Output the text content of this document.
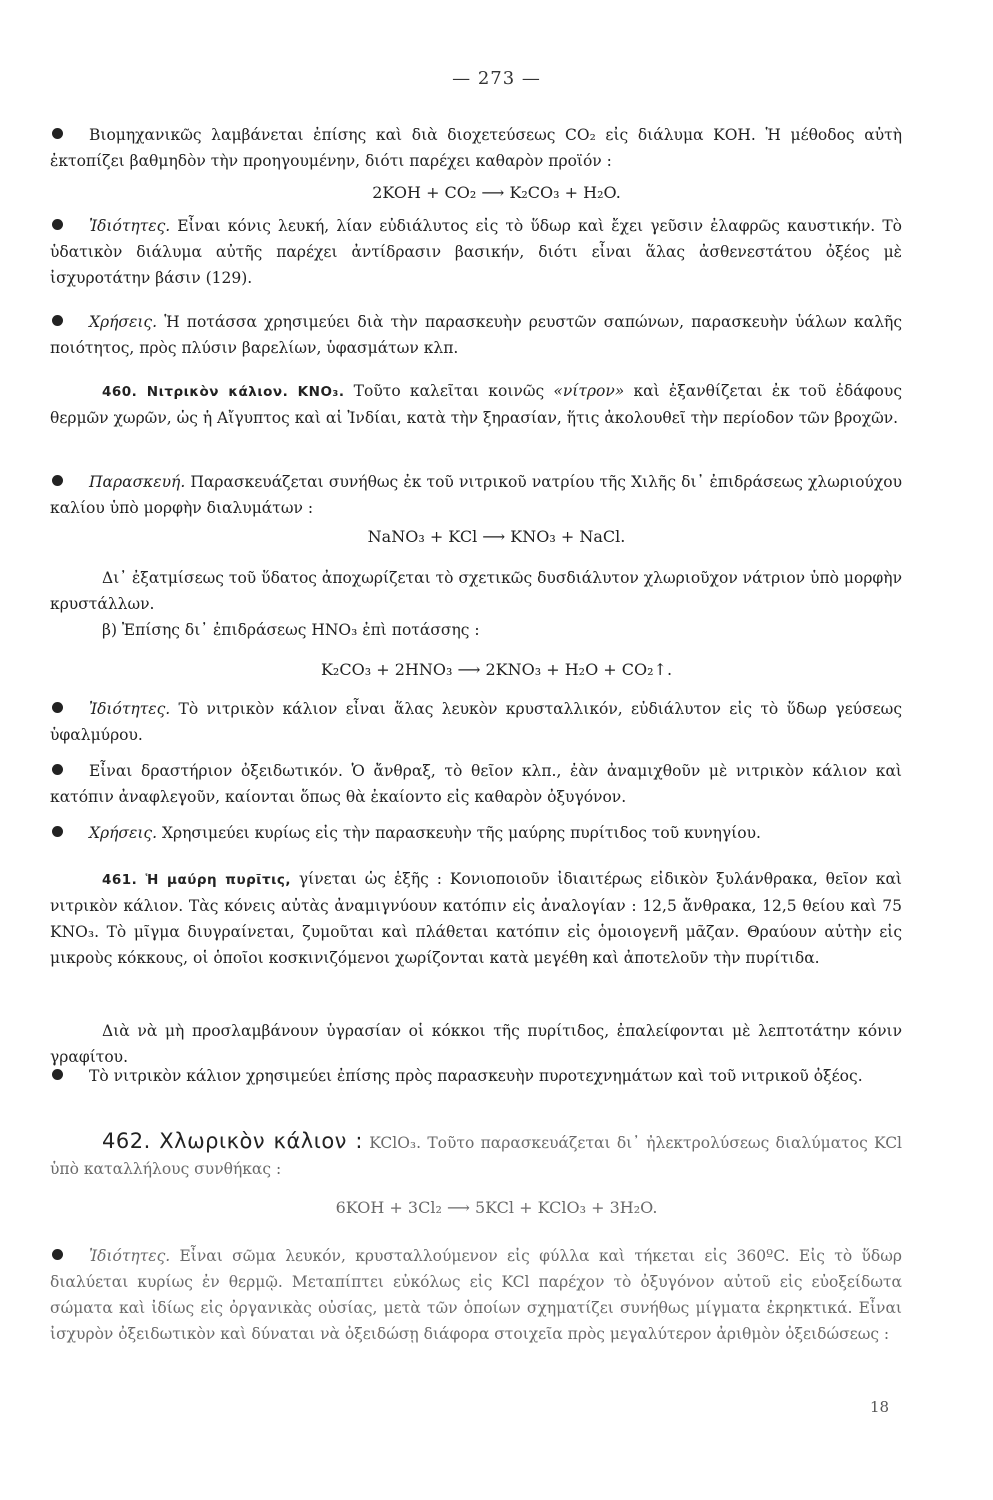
— 273 —
Βιομηχανικῶς λαμβάνεται ἐπίσης καὶ διὰ διοχετεύσεως CO₂ εἰς διάλυμα ΚΟΗ. Ἡ μέθοδος αὐτὴ ἐκτοπίζει βαθμηδὸν τὴν προηγουμένην, διότι παρέχει καθαρὸν προϊόν :
2KOH + CO₂ ⟶ K₂CO₃ + H₂O.
Ἰδιότητες. Εἶναι κόνις λευκή, λίαν εὐδιάλυτος εἰς τὸ ὕδωρ καὶ ἔχει γεῦσιν ἐλαφρῶς καυστικήν. Τὸ ὑδατικὸν διάλυμα αὐτῆς παρέχει ἀντίδρασιν βασικήν, διότι εἶναι ἅλας ἀσθενεστάτου ὀξέος μὲ ἰσχυροτάτην βάσιν (129).
Χρήσεις. Ἡ ποτάσσα χρησιμεύει διὰ τὴν παρασκευὴν ρευστῶν σαπώνων, παρασκευὴν ὑάλων καλῆς ποιότητος, πρὸς πλύσιν βαρελίων, ὑφασμάτων κλπ.
460. Νιτρικὸν κάλιον. ΚΝΟ₃. Τοῦτο καλεῖται κοινῶς «νίτρον» καὶ ἐξανθίζεται ἐκ τοῦ ἐδάφους θερμῶν χωρῶν, ὡς ἡ Αἴγυπτος καὶ αἱ Ἰνδίαι, κατὰ τὴν ξηρασίαν, ἥτις ἀκολουθεῖ τὴν περίοδον τῶν βροχῶν.
Παρασκευή. Παρασκευάζεται συνήθως ἐκ τοῦ νιτρικοῦ νατρίου τῆς Χιλῆς δι᾽ ἐπιδράσεως χλωριούχου καλίου ὑπὸ μορφὴν διαλυμάτων :
NaNO₃ + KCl ⟶ KNO₃ + NaCl.
Δι᾽ ἐξατμίσεως τοῦ ὕδατος ἀποχωρίζεται τὸ σχετικῶς δυσδιάλυτον χλωριοῦχον νάτριον ὑπὸ μορφὴν κρυστάλλων.
β) Ἐπίσης δι᾽ ἐπιδράσεως HNO₃ ἐπὶ ποτάσσης :
K₂CO₃ + 2HNO₃ ⟶ 2KNO₃ + H₂O + CO₂↑.
Ἰδιότητες. Τὸ νιτρικὸν κάλιον εἶναι ἅλας λευκὸν κρυσταλλικόν, εὐδιάλυτον εἰς τὸ ὕδωρ γεύσεως ὑφαλμύρου.
Εἶναι δραστήριον ὀξειδωτικόν. Ὁ ἄνθραξ, τὸ θεῖον κλπ., ἐὰν ἀναμιχθοῦν μὲ νιτρικὸν κάλιον καὶ κατόπιν ἀναφλεγοῦν, καίονται ὅπως θὰ ἐκαίοντο εἰς καθαρὸν ὀξυγόνον.
Χρήσεις. Χρησιμεύει κυρίως εἰς τὴν παρασκευὴν τῆς μαύρης πυρίτιδος τοῦ κυνηγίου.
461. Ἡ μαύρη πυρῖτις, γίνεται ὡς ἑξῆς : Κονιοποιοῦν ἰδιαιτέρως εἰδικὸν ξυλάνθρακα, θεῖον καὶ νιτρικὸν κάλιον. Τὰς κόνεις αὐτὰς ἀναμιγνύουν κατόπιν εἰς ἀναλογίαν : 12,5 ἄνθρακα, 12,5 θείου καὶ 75 KNO₃. Τὸ μῖγμα διυγραίνεται, ζυμοῦται καὶ πλάθεται κατόπιν εἰς ὁμοιογενῆ μᾶζαν. Θραύουν αὐτὴν εἰς μικροὺς κόκκους, οἱ ὁποῖοι κοσκινιζόμενοι χωρίζονται κατὰ μεγέθη καὶ ἀποτελοῦν τὴν πυρίτιδα.
Διὰ νὰ μὴ προσλαμβάνουν ὑγρασίαν οἱ κόκκοι τῆς πυρίτιδος, ἐπαλείφονται μὲ λεπτοτάτην κόνιν γραφίτου.
Τὸ νιτρικὸν κάλιον χρησιμεύει ἐπίσης πρὸς παρασκευὴν πυροτεχνημάτων καὶ τοῦ νιτρικοῦ ὀξέος.
462. Χλωρικὸν κάλιον : KClO₃. Τοῦτο παρασκευάζεται δι᾽ ἠλεκτρολύσεως διαλύματος KCl ὑπὸ καταλλήλους συνθήκας :
6KOH + 3Cl₂ ⟶ 5KCl + KClO₃ + 3H₂O.
Ἰδιότητες. Εἶναι σῶμα λευκόν, κρυσταλλούμενον εἰς φύλλα καὶ τήκεται εἰς 360ºC. Εἰς τὸ ὕδωρ διαλύεται κυρίως ἐν θερμῷ. Μεταπίπτει εὐκόλως εἰς KCl παρέχον τὸ ὀξυγόνον αὐτοῦ εἰς εὐοξείδωτα σώματα καὶ ἰδίως εἰς ὀργανικὰς οὐσίας, μετὰ τῶν ὁποίων σχηματίζει συνήθως μίγματα ἐκρηκτικά. Εἶναι ἰσχυρὸν ὀξειδωτικὸν καὶ δύναται νὰ ὀξειδώσῃ διάφορα στοιχεῖα πρὸς μεγαλύτερον ἀριθμὸν ὀξειδώσεως :
18
